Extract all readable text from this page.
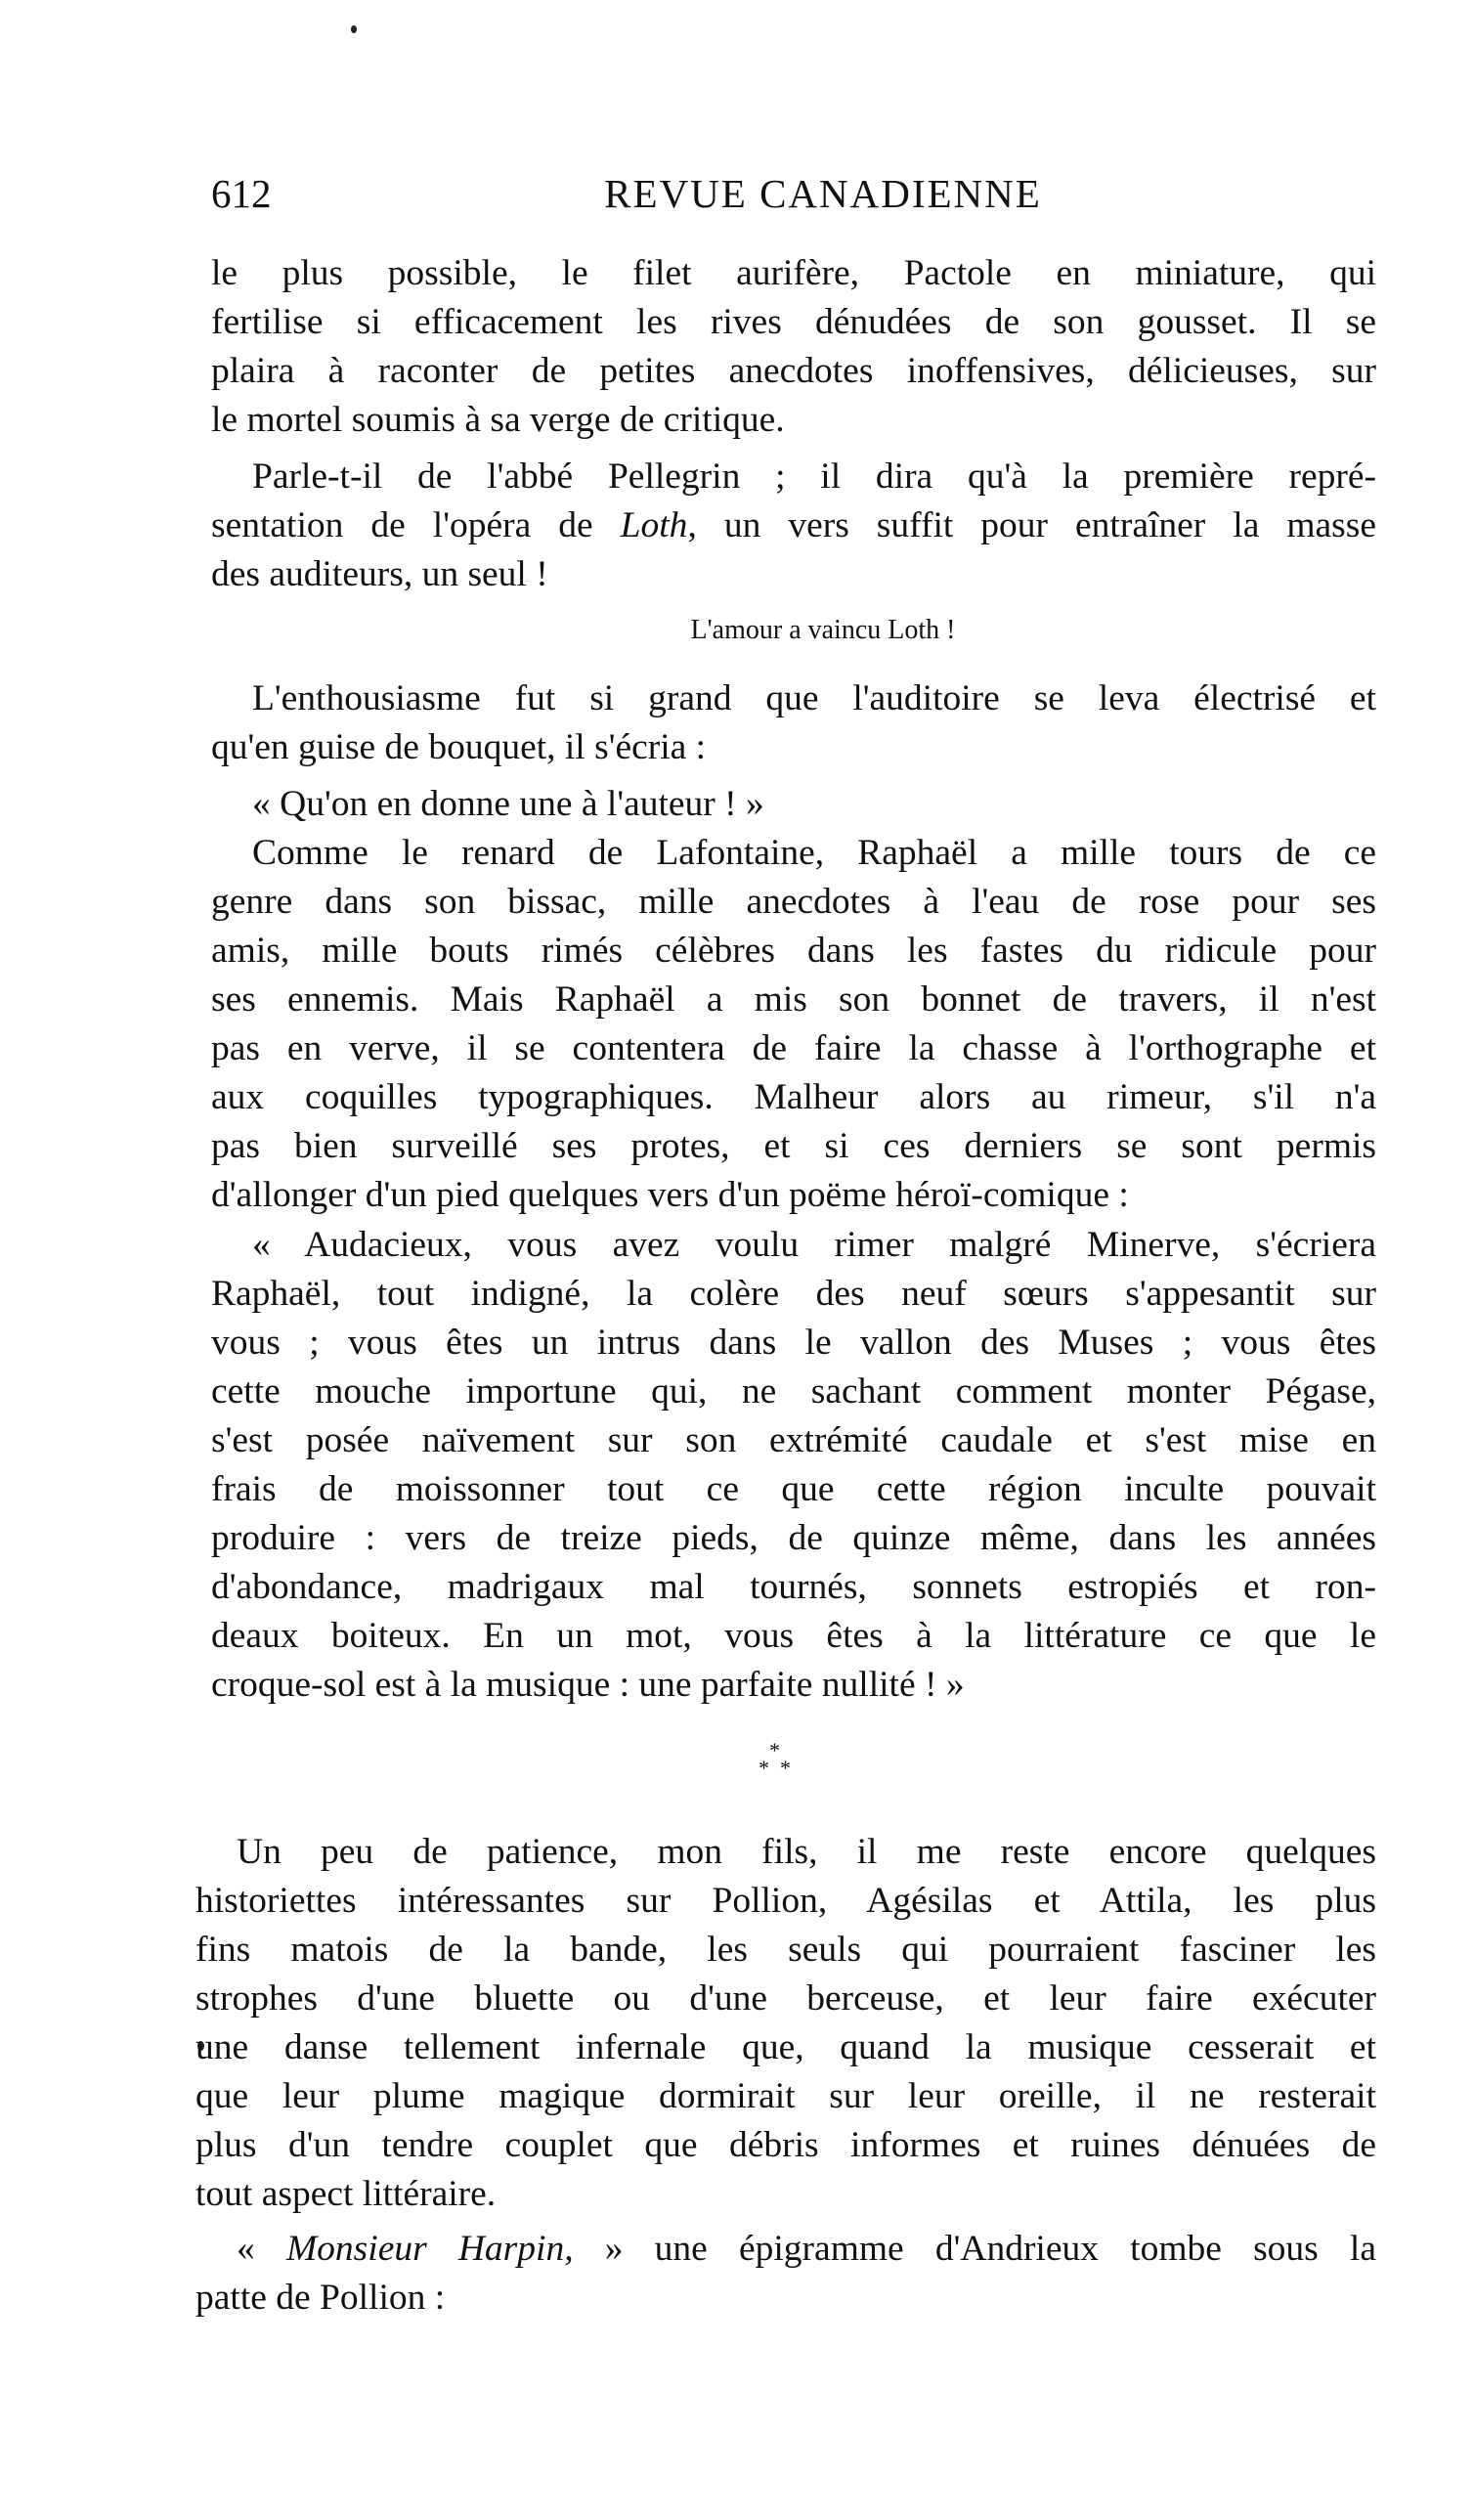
612	REVUE CANADIENNE
le plus possible, le filet aurifère, Pactole en miniature, qui
fertilise si efficacement les rives dénudées de son gousset. Il se
plaira à raconter de petites anecdotes inoffensives, délicieuses, sur
le mortel soumis à sa verge de critique.
Parle-t-il de l'abbé Pellegrin ; il dira qu'à la première repré-
sentation de l'opéra de Loth, un vers suffit pour entraîner la masse
des auditeurs, un seul !
L'amour a vaincu Loth !
L'enthousiasme fut si grand que l'auditoire se leva électrisé et
qu'en guise de bouquet, il s'écria :
« Qu'on en donne une à l'auteur ! »
Comme le renard de Lafontaine, Raphaël a mille tours de ce
genre dans son bissac, mille anecdotes à l'eau de rose pour ses
amis, mille bouts rimés célèbres dans les fastes du ridicule pour
ses ennemis. Mais Raphaël a mis son bonnet de travers, il n'est
pas en verve, il se contentera de faire la chasse à l'orthographe et
aux coquilles typographiques. Malheur alors au rimeur, s'il n'a
pas bien surveillé ses protes, et si ces derniers se sont permis
d'allonger d'un pied quelques vers d'un poëme héroï-comique :
« Audacieux, vous avez voulu rimer malgré Minerve, s'écriera
Raphaël, tout indigné, la colère des neuf sœurs s'appesantit sur
vous ; vous êtes un intrus dans le vallon des Muses ; vous êtes
cette mouche importune qui, ne sachant comment monter Pégase,
s'est posée naïvement sur son extrémité caudale et s'est mise en
frais de moissonner tout ce que cette région inculte pouvait
produire : vers de treize pieds, de quinze même, dans les années
d'abondance, madrigaux mal tournés, sonnets estropiés et ron-
deaux boiteux. En un mot, vous êtes à la littérature ce que le
croque-sol est à la musique : une parfaite nullité ! »
*
* *
Un peu de patience, mon fils, il me reste encore quelques
historiettes intéressantes sur Pollion, Agésilas et Attila, les plus
fins matois de la bande, les seuls qui pourraient fasciner les
strophes d'une bluette ou d'une berceuse, et leur faire exécuter
une danse tellement infernale que, quand la musique cesserait et
que leur plume magique dormirait sur leur oreille, il ne resterait
plus d'un tendre couplet que débris informes et ruines dénuées de
tout aspect littéraire.
« Monsieur Harpin, » une épigramme d'Andrieux tombe sous la
patte de Pollion :
